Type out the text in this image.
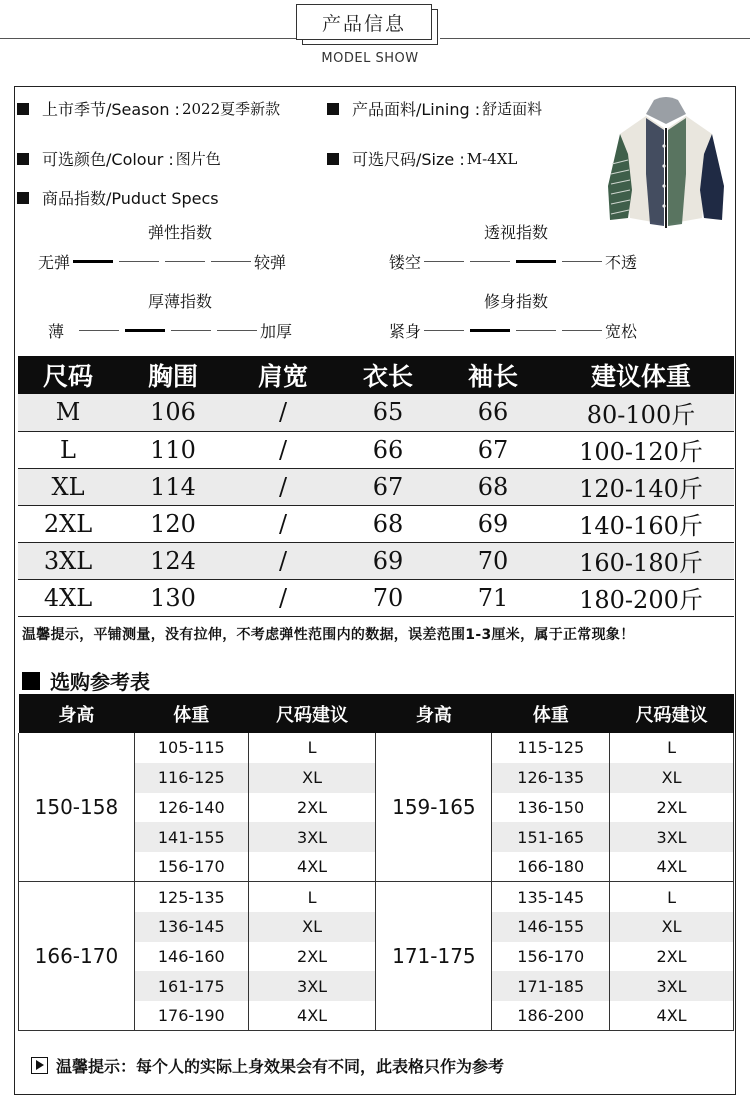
产品信息
MODEL SHOW
上市季节/Season : 2022夏季新款	产品面料/Lining : 舒适面料
可选颜色/Colour : 图片色	可选尺码/Size : M-4XL
商品指数/Puduct Specs
弹性指数
无弹	较弹
透视指数
镂空	不透
厚薄指数
薄	加厚
修身指数
紧身	宽松
尺码	胸围	肩宽	衣长	袖长	建议体重
M	106	/	65	66	80-100斤
L	110	/	66	67	100-120斤
XL	114	/	67	68	120-140斤
2XL	120	/	68	69	140-160斤
3XL	124	/	69	70	160-180斤
4XL	130	/	70	71	180-200斤
温馨提示，平铺测量，没有拉伸，不考虑弹性范围内的数据，误差范围1-3厘米，属于正常现象！
选购参考表
身高	体重	尺码建议	身高	体重	尺码建议
150-158	105-115	L	159-165	115-125	L
	116-125	XL		126-135	XL
	126-140	2XL		136-150	2XL
	141-155	3XL		151-165	3XL
	156-170	4XL		166-180	4XL
166-170	125-135	L	171-175	135-145	L
	136-145	XL		146-155	XL
	146-160	2XL		156-170	2XL
	161-175	3XL		171-185	3XL
	176-190	4XL		186-200	4XL
温馨提示：每个人的实际上身效果会有不同，此表格只作为参考
